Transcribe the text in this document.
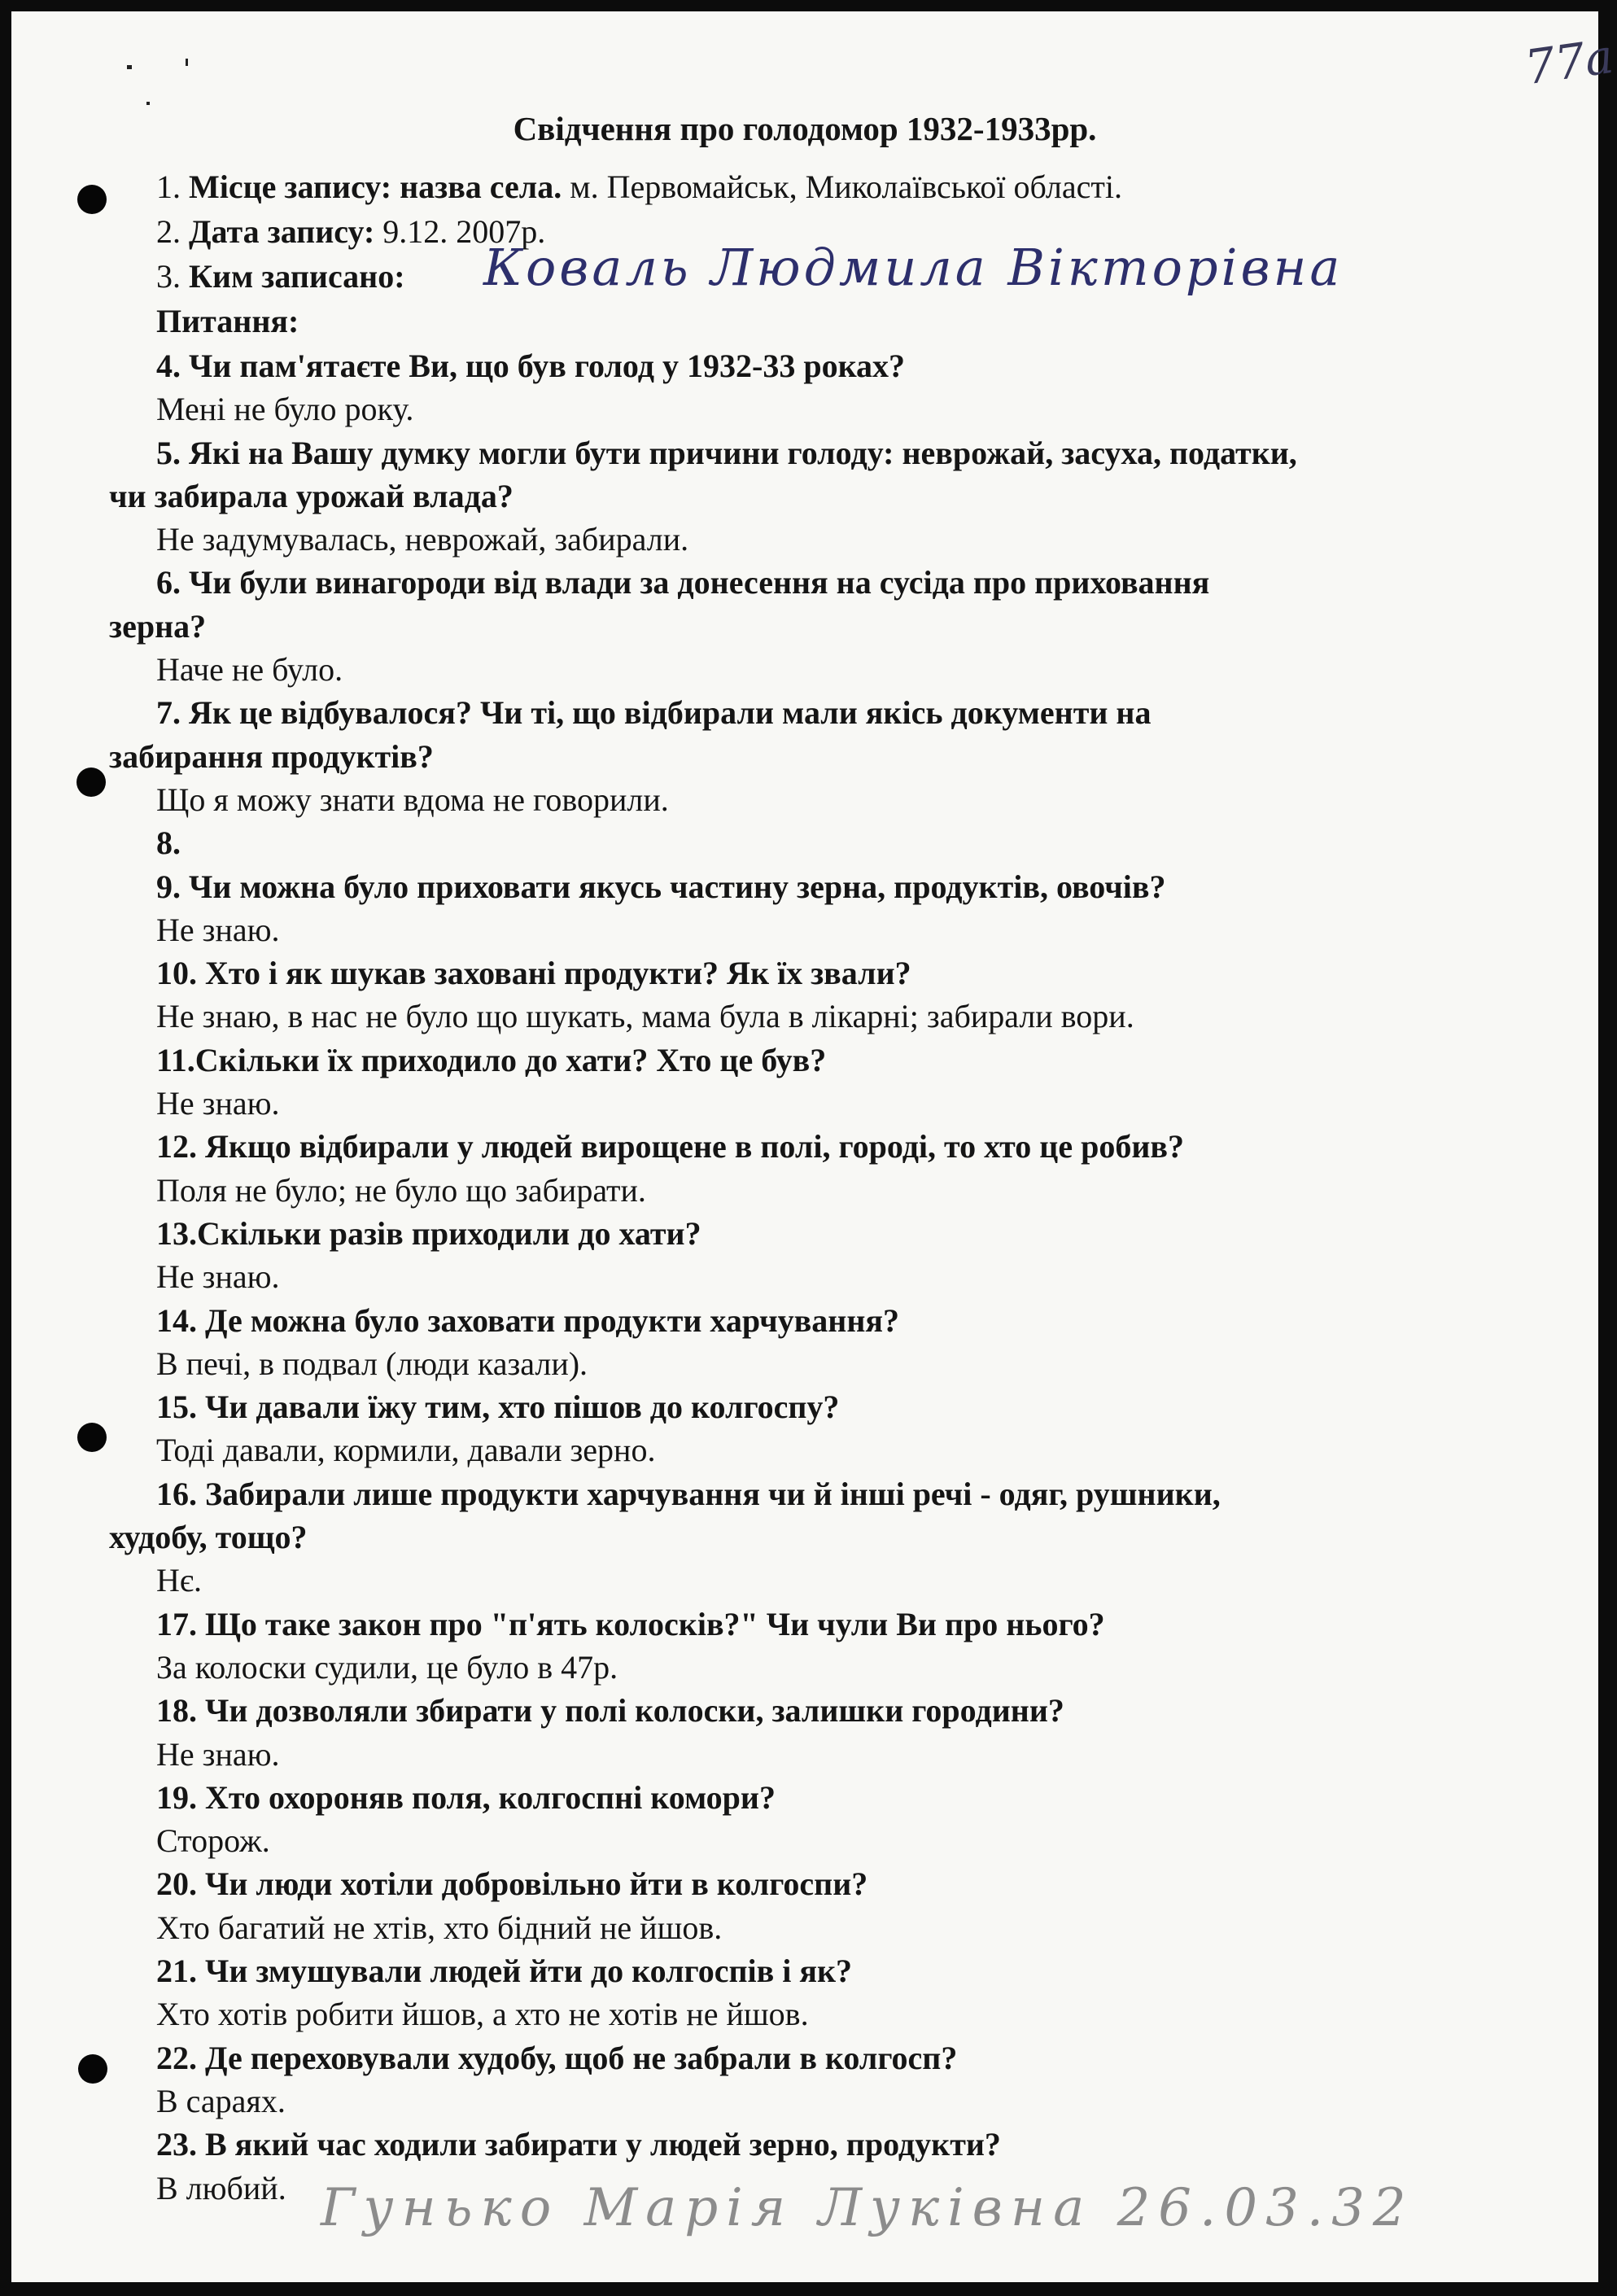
77a
Свідчення про голодомор 1932-1933рр.
1. Місце запису: назва села. м. Первомайськ, Миколаївської області.
2. Дата запису: 9.12. 2007р.
3. Ким записано: Коваль Людмила Вікторівна
Питання:
4. Чи пам'ятаєте Ви, що був голод у 1932-33 роках?
Мені не було року.
5. Які на Вашу думку могли бути причини голоду: неврожай, засуха, податки,
чи забирала урожай влада?
Не задумувалась, неврожай, забирали.
6. Чи були винагороди від влади за донесення на сусіда про приховання
зерна?
Наче не було.
7. Як це відбувалося? Чи ті, що відбирали мали якісь документи на
забирання продуктів?
Що я можу знати вдома не говорили.
8.
9. Чи можна було приховати якусь частину зерна, продуктів, овочів?
Не знаю.
10. Хто і як шукав заховані продукти? Як їх звали?
Не знаю, в нас не було що шукать, мама була в лікарні; забирали вори.
11.Скільки їх приходило до хати? Хто це був?
Не знаю.
12. Якщо відбирали у людей вирощене в полі, городі, то хто це робив?
Поля не було; не було що забирати.
13.Скільки разів приходили до хати?
Не знаю.
14. Де можна було заховати продукти харчування?
В печі, в подвал (люди казали).
15. Чи давали їжу тим, хто пішов до колгоспу?
Тоді давали, кормили, давали зерно.
16. Забирали лише продукти харчування чи й інші речі - одяг, рушники,
худобу, тощо?
Нє.
17. Що таке закон про "п'ять колосків?" Чи чули Ви про нього?
За колоски судили, це було в 47р.
18. Чи дозволяли збирати у полі колоски, залишки городини?
Не знаю.
19. Хто охороняв поля, колгоспні комори?
Сторож.
20. Чи люди хотіли добровільно йти в колгоспи?
Хто багатий не хтів, хто бідний не йшов.
21. Чи змушували людей йти до колгоспів і як?
Хто хотів робити йшов, а хто не хотів не йшов.
22. Де переховували худобу, щоб не забрали в колгосп?
В сараях.
23. В який час ходили забирати у людей зерно, продукти?
В любий. Гунько Марія Луківна 26.03.32
